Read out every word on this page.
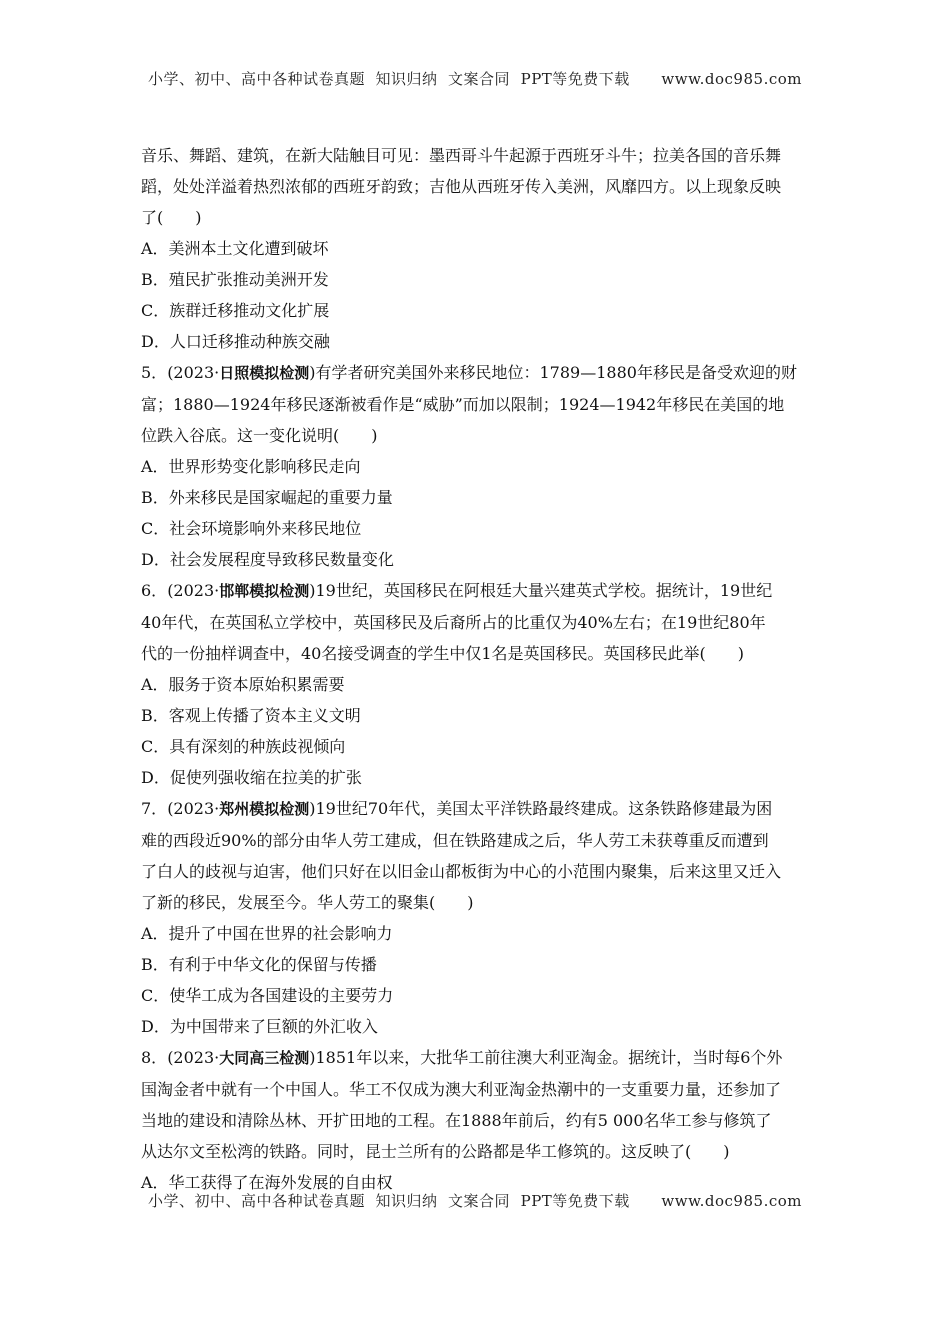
小学、初中、高中各种试卷真题  知识归纳  文案合同  PPT等免费下载      www.doc985.com

音乐、舞蹈、建筑，在新大陆触目可见：墨西哥斗牛起源于西班牙斗牛；拉美各国的音乐舞

蹈，处处洋溢着热烈浓郁的西班牙韵致；吉他从西班牙传入美洲，风靡四方。以上现象反映

了(　　)

A．美洲本土文化遭到破坏

B．殖民扩张推动美洲开发

C．族群迁移推动文化扩展

D．人口迁移推动种族交融

5．(2023·日照模拟检测)有学者研究美国外来移民地位：1789—1880年移民是备受欢迎的财

富；1880—1924年移民逐渐被看作是“威胁”而加以限制；1924—1942年移民在美国的地

位跌入谷底。这一变化说明(　　)

A．世界形势变化影响移民走向

B．外来移民是国家崛起的重要力量

C．社会环境影响外来移民地位

D．社会发展程度导致移民数量变化

6．(2023·邯郸模拟检测)19世纪，英国移民在阿根廷大量兴建英式学校。据统计，19世纪

40年代，在英国私立学校中，英国移民及后裔所占的比重仅为40%左右；在19世纪80年

代的一份抽样调查中，40名接受调查的学生中仅1名是英国移民。英国移民此举(　　)

A．服务于资本原始积累需要

B．客观上传播了资本主义文明

C．具有深刻的种族歧视倾向

D．促使列强收缩在拉美的扩张

7．(2023·郑州模拟检测)19世纪70年代，美国太平洋铁路最终建成。这条铁路修建最为困

难的西段近90%的部分由华人劳工建成，但在铁路建成之后，华人劳工未获尊重反而遭到

了白人的歧视与迫害，他们只好在以旧金山都板街为中心的小范围内聚集，后来这里又迁入

了新的移民，发展至今。华人劳工的聚集(　　)

A．提升了中国在世界的社会影响力

B．有利于中华文化的保留与传播

C．使华工成为各国建设的主要劳力

D．为中国带来了巨额的外汇收入

8．(2023·大同高三检测)1851年以来，大批华工前往澳大利亚淘金。据统计，当时每6个外

国淘金者中就有一个中国人。华工不仅成为澳大利亚淘金热潮中的一支重要力量，还参加了

当地的建设和清除丛林、开扩田地的工程。在1888年前后，约有5 000名华工参与修筑了

从达尔文至松湾的铁路。同时，昆士兰所有的公路都是华工修筑的。这反映了(　　)

A．华工获得了在海外发展的自由权

小学、初中、高中各种试卷真题  知识归纳  文案合同  PPT等免费下载      www.doc985.com
